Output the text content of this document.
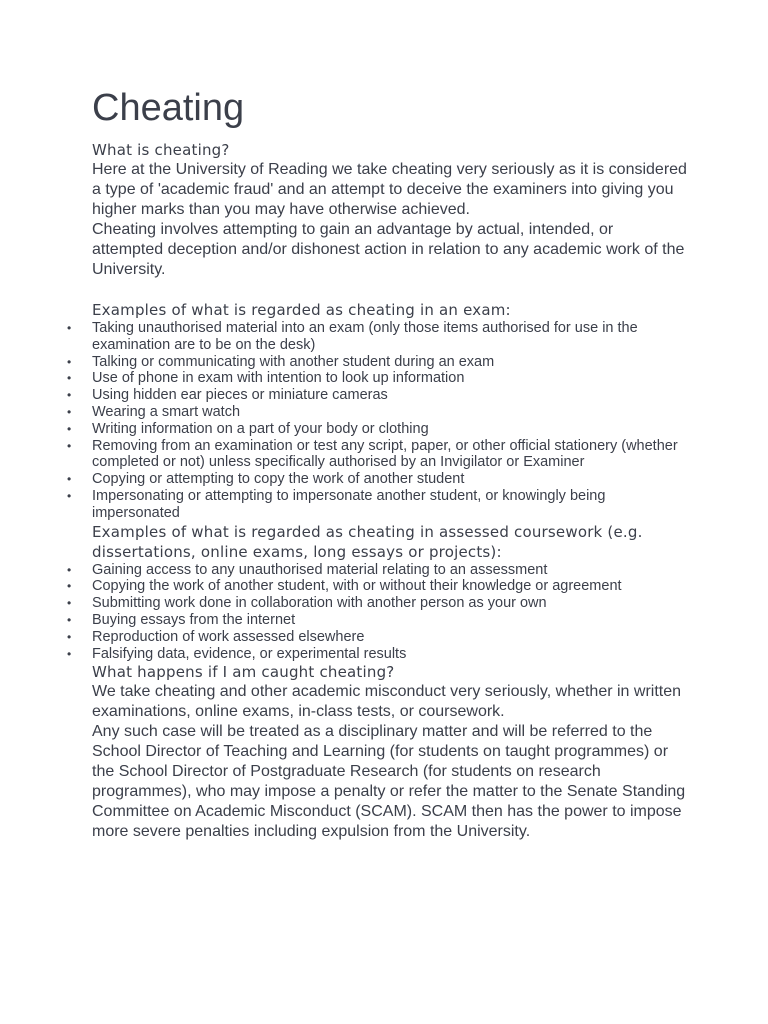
Cheating
What is cheating?

Here at the University of Reading we take cheating very seriously as it is considered a type of 'academic fraud' and an attempt to deceive the examiners into giving you higher marks than you may have otherwise achieved.

Cheating involves attempting to gain an advantage by actual, intended, or attempted deception and/or dishonest action in relation to any academic work of the University.

Examples of what is regarded as cheating in an exam:
• Taking unauthorised material into an exam (only those items authorised for use in the examination are to be on the desk)
• Talking or communicating with another student during an exam
• Use of phone in exam with intention to look up information
• Using hidden ear pieces or miniature cameras
• Wearing a smart watch
• Writing information on a part of your body or clothing
• Removing from an examination or test any script, paper, or other official stationery (whether completed or not) unless specifically authorised by an Invigilator or Examiner
• Copying or attempting to copy the work of another student
• Impersonating or attempting to impersonate another student, or knowingly being impersonated
Examples of what is regarded as cheating in assessed coursework (e.g. dissertations, online exams, long essays or projects):
• Gaining access to any unauthorised material relating to an assessment
• Copying the work of another student, with or without their knowledge or agreement
• Submitting work done in collaboration with another person as your own
• Buying essays from the internet
• Reproduction of work assessed elsewhere
• Falsifying data, evidence, or experimental results
What happens if I am caught cheating?

We take cheating and other academic misconduct very seriously, whether in written examinations, online exams, in-class tests, or coursework.

Any such case will be treated as a disciplinary matter and will be referred to the School Director of Teaching and Learning (for students on taught programmes) or the School Director of Postgraduate Research (for students on research programmes), who may impose a penalty or refer the matter to the Senate Standing Committee on Academic Misconduct (SCAM). SCAM then has the power to impose more severe penalties including expulsion from the University.
